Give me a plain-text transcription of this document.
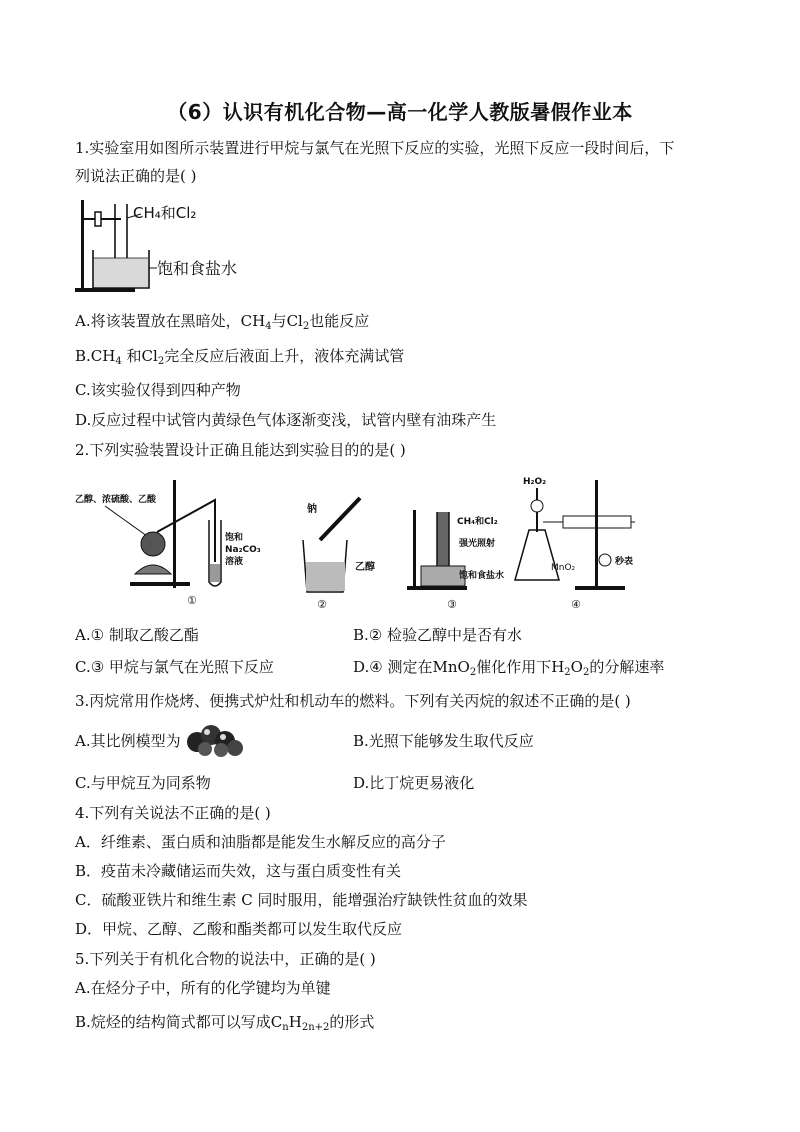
（6）认识有机化合物—高一化学人教版暑假作业本
1.实验室用如图所示装置进行甲烷与氯气在光照下反应的实验，光照下反应一段时间后，下
列说法正确的是( )
CH₄和Cl₂
饱和食盐水
A.将该装置放在黑暗处，$CH_4$与$Cl_2$也能反应
$B.CH_4$ 和$Cl_2$完全反应后液面上升，液体充满试管
C.该实验仅得到四种产物
D.反应过程中试管内黄绿色气体逐渐变浅，试管内壁有油珠产生
2.下列实验装置设计正确且能达到实验目的的是( )
乙醇、浓硫酸、乙酸
饱和
Na₂CO₃
溶液
①
钠
乙醇
②
CH₄和Cl₂
强光照射
饱和食盐水
③
H₂O₂
MnO₂
秒表
④
A.① 制取乙酸乙酯	B.② 检验乙醇中是否有水
C.③ 甲烷与氯气在光照下反应	D.④ 测定在MnO$_2$催化作用下$H_2O_2$的分解速率
3.丙烷常用作烧烤、便携式炉灶和机动车的燃料。下列有关丙烷的叙述不正确的是( )
A.其比例模型为	B.光照下能够发生取代反应
C.与甲烷互为同系物	D.比丁烷更易液化
4.下列有关说法不正确的是( )
A．纤维素、蛋白质和油脂都是能发生水解反应的高分子
B．疫苗未冷藏储运而失效，这与蛋白质变性有关
C．硫酸亚铁片和维生素 C 同时服用，能增强治疗缺铁性贫血的效果
D．甲烷、乙醇、乙酸和酯类都可以发生取代反应
5.下列关于有机化合物的说法中，正确的是( )
A.在烃分子中，所有的化学键均为单键
B.烷烃的结构简式都可以写成$C_nH_{2n+2}$的形式
